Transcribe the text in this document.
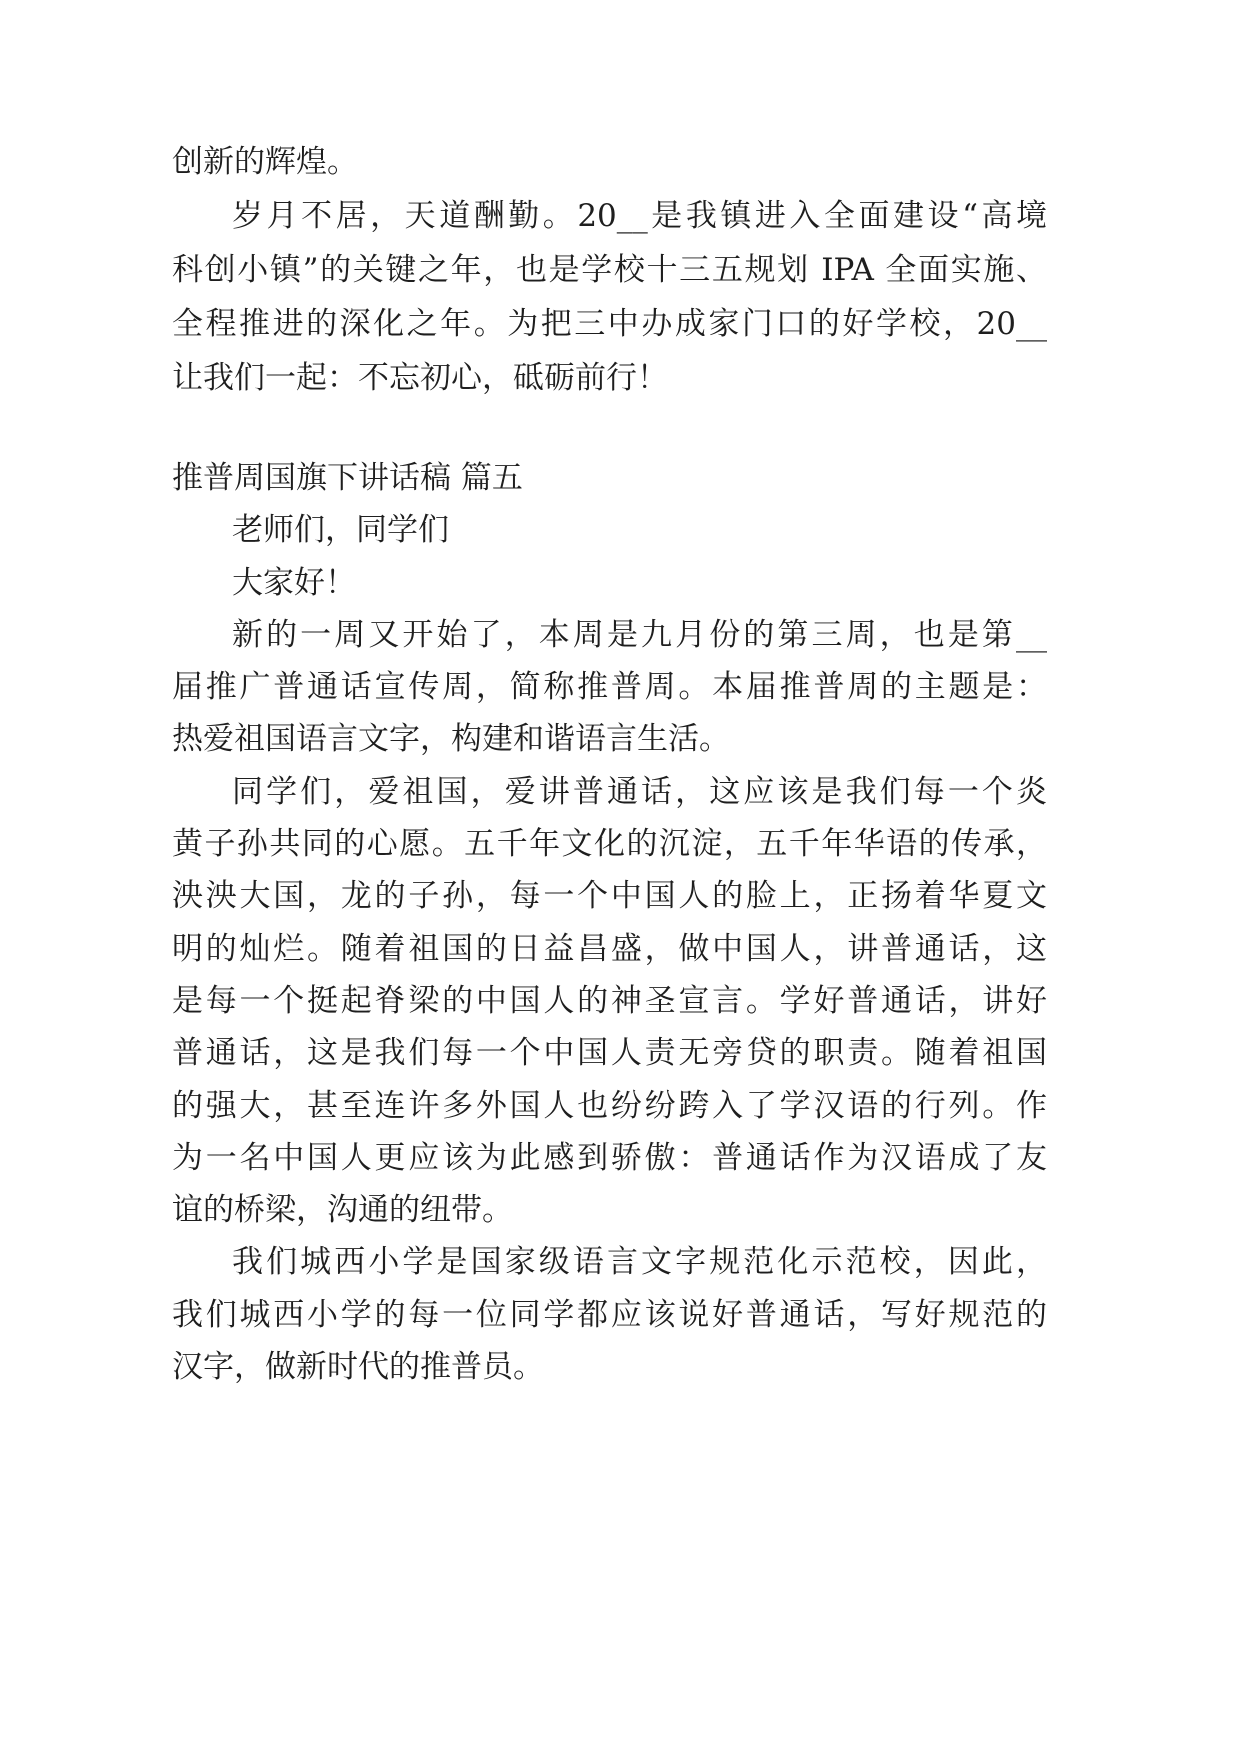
创新的辉煌。
岁月不居，天道酬勤。20__是我镇进入全面建设“高境
科创小镇”的关键之年，也是学校十三五规划 IPA 全面实施、
全程推进的深化之年。为把三中办成家门口的好学校，20__
让我们一起：不忘初心，砥砺前行！
推普周国旗下讲话稿 篇五
老师们，同学们
大家好！
新的一周又开始了，本周是九月份的第三周，也是第__
届推广普通话宣传周，简称推普周。本届推普周的主题是：
热爱祖国语言文字，构建和谐语言生活。
同学们，爱祖国，爱讲普通话，这应该是我们每一个炎
黄子孙共同的心愿。五千年文化的沉淀，五千年华语的传承，
泱泱大国，龙的子孙，每一个中国人的脸上，正扬着华夏文
明的灿烂。随着祖国的日益昌盛，做中国人，讲普通话，这
是每一个挺起脊梁的中国人的神圣宣言。学好普通话，讲好
普通话，这是我们每一个中国人责无旁贷的职责。随着祖国
的强大，甚至连许多外国人也纷纷跨入了学汉语的行列。作
为一名中国人更应该为此感到骄傲：普通话作为汉语成了友
谊的桥梁，沟通的纽带。
我们城西小学是国家级语言文字规范化示范校，因此，
我们城西小学的每一位同学都应该说好普通话，写好规范的
汉字，做新时代的推普员。
